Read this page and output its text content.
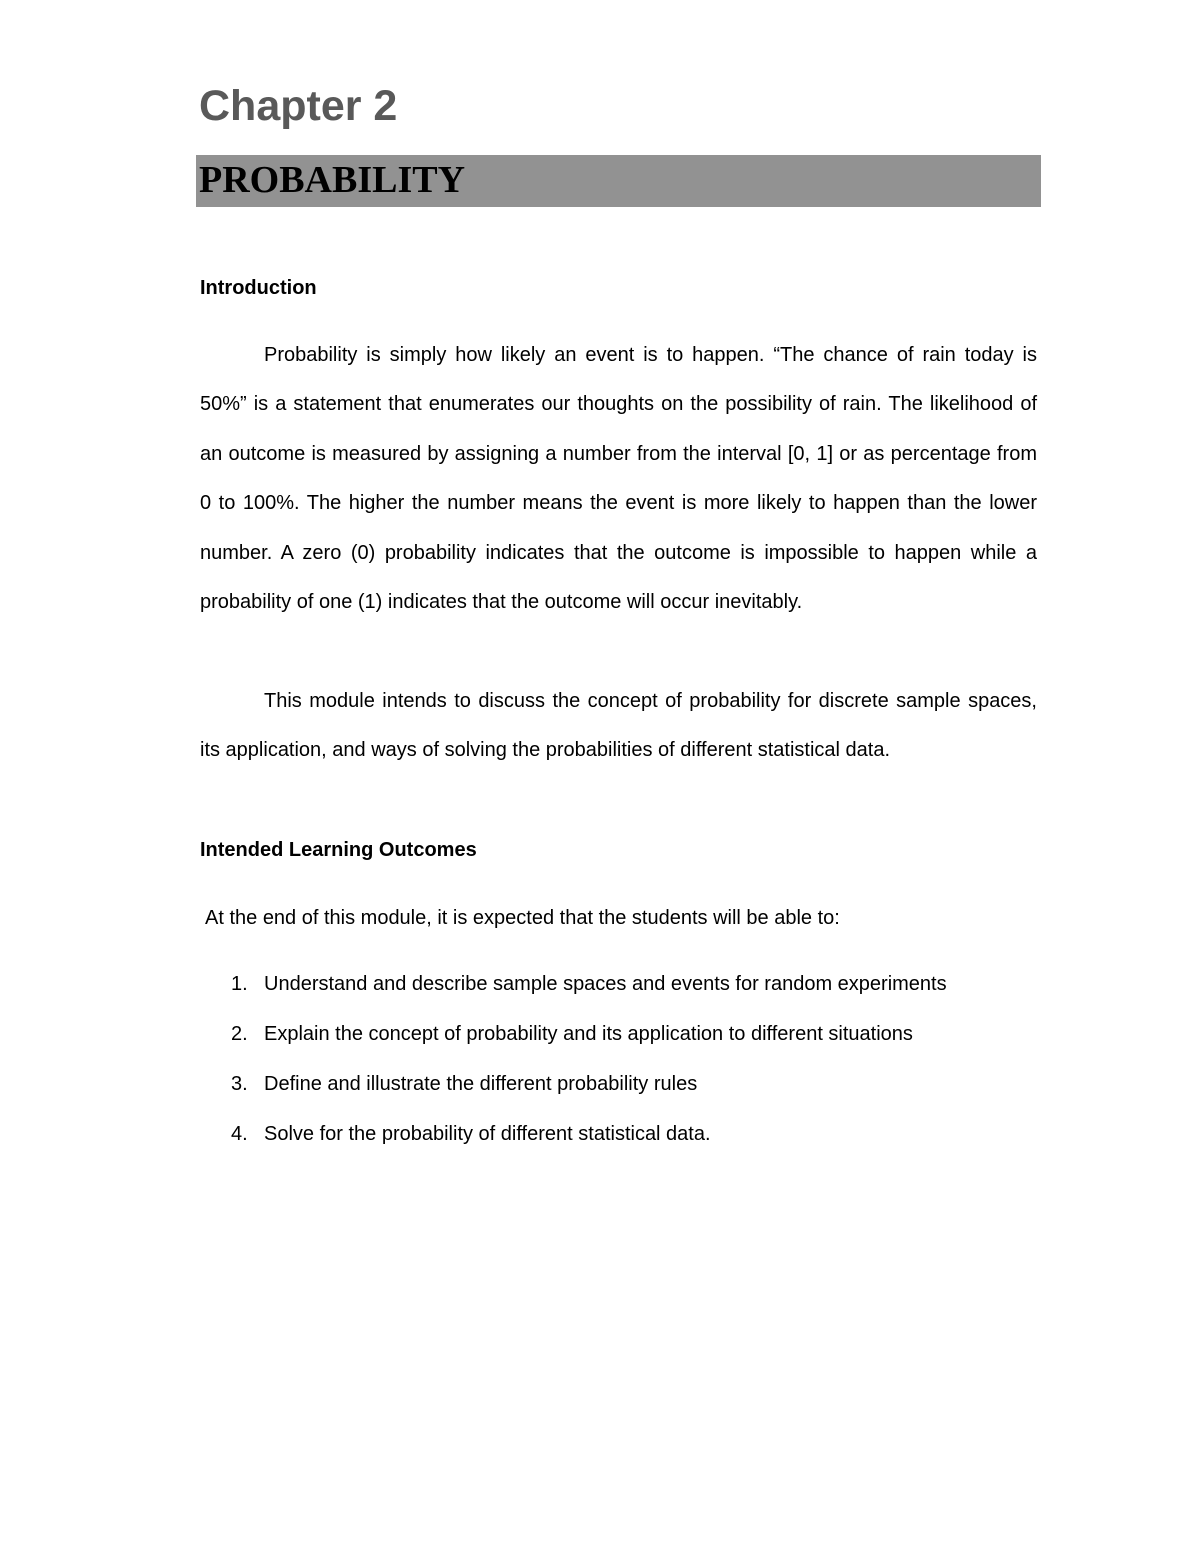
Chapter 2
PROBABILITY
Introduction

Probability is simply how likely an event is to happen. “The chance of rain today is 50%” is a statement that enumerates our thoughts on the possibility of rain. The likelihood of an outcome is measured by assigning a number from the interval [0, 1] or as percentage from 0 to 100%. The higher the number means the event is more likely to happen than the lower number. A zero (0) probability indicates that the outcome is impossible to happen while a probability of one (1) indicates that the outcome will occur inevitably.

This module intends to discuss the concept of probability for discrete sample spaces, its application, and ways of solving the probabilities of different statistical data.

Intended Learning Outcomes

At the end of this module, it is expected that the students will be able to:

1. Understand and describe sample spaces and events for random experiments
2. Explain the concept of probability and its application to different situations
3. Define and illustrate the different probability rules
4. Solve for the probability of different statistical data.
